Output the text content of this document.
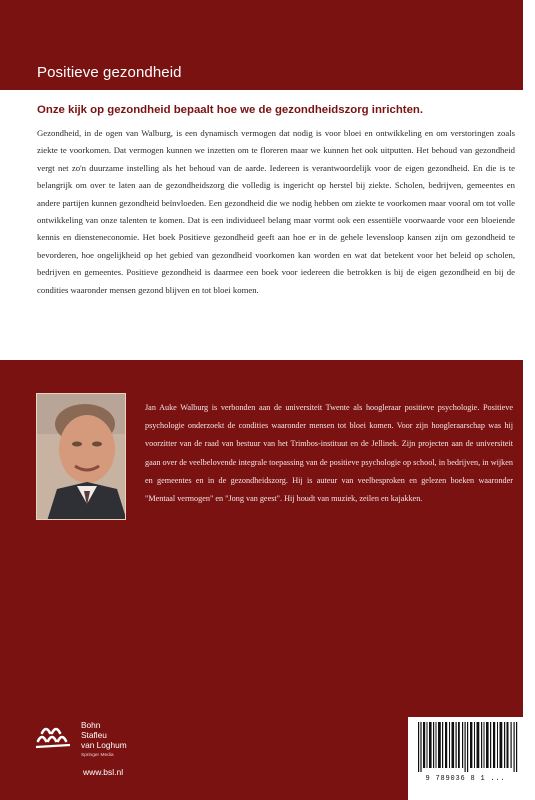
Positieve gezondheid
Onze kijk op gezondheid bepaalt hoe we de gezondheidszorg inrichten.
Gezondheid, in de ogen van Walburg, is een dynamisch vermogen dat nodig is voor bloei en ontwikkeling en om verstoringen zoals ziekte te voorkomen. Dat vermogen kunnen we inzetten om te floreren maar we kunnen het ook uitputten. Het behoud van gezondheid vergt net zo'n duurzame instelling als het behoud van de aarde. Iedereen is verantwoordelijk voor de eigen gezondheid. En die is te belangrijk om over te laten aan de gezondheidszorg die volledig is ingericht op herstel bij ziekte. Scholen, bedrijven, gemeentes en andere partijen kunnen gezondheid beïnvloeden. Een gezondheid die we nodig hebben om ziekte te voorkomen maar vooral om tot volle ontwikkeling van onze talenten te komen. Dat is een individueel belang maar vormt ook een essentiële voorwaarde voor een bloeiende kennis en diensteneconomie. Het boek Positieve gezondheid geeft aan hoe er in de gehele levensloop kansen zijn om gezondheid te bevorderen, hoe ongelijkheid op het gebied van gezondheid voorkomen kan worden en wat dat betekent voor het beleid op scholen, bedrijven en gemeentes. Positieve gezondheid is daarmee een boek voor iedereen die betrokken is bij de eigen gezondheid en bij de condities waaronder mensen gezond blijven en tot bloei komen.
Jan Auke Walburg is verbonden aan de universiteit Twente als hoogleraar positieve psychologie. Positieve psychologie onderzoekt de condities waaronder mensen tot bloei komen. Voor zijn hoogleraarschap was hij voorzitter van de raad van bestuur van het Trimbos-instituut en de Jellinek. Zijn projecten aan de universiteit gaan over de veelbelovende integrale toepassing van de positieve psychologie op school, in bedrijven, in wijken en gemeentes en in de gezondheidszorg. Hij is auteur van veelbesproken en gelezen boeken waaronder "Mentaal vermogen" en "Jong van geest". Hij houdt van muziek, zeilen en kajakken.
Bohn
Stafleu
van Loghum
Springer Media
www.bsl.nl
9 789036 8 1 ...
